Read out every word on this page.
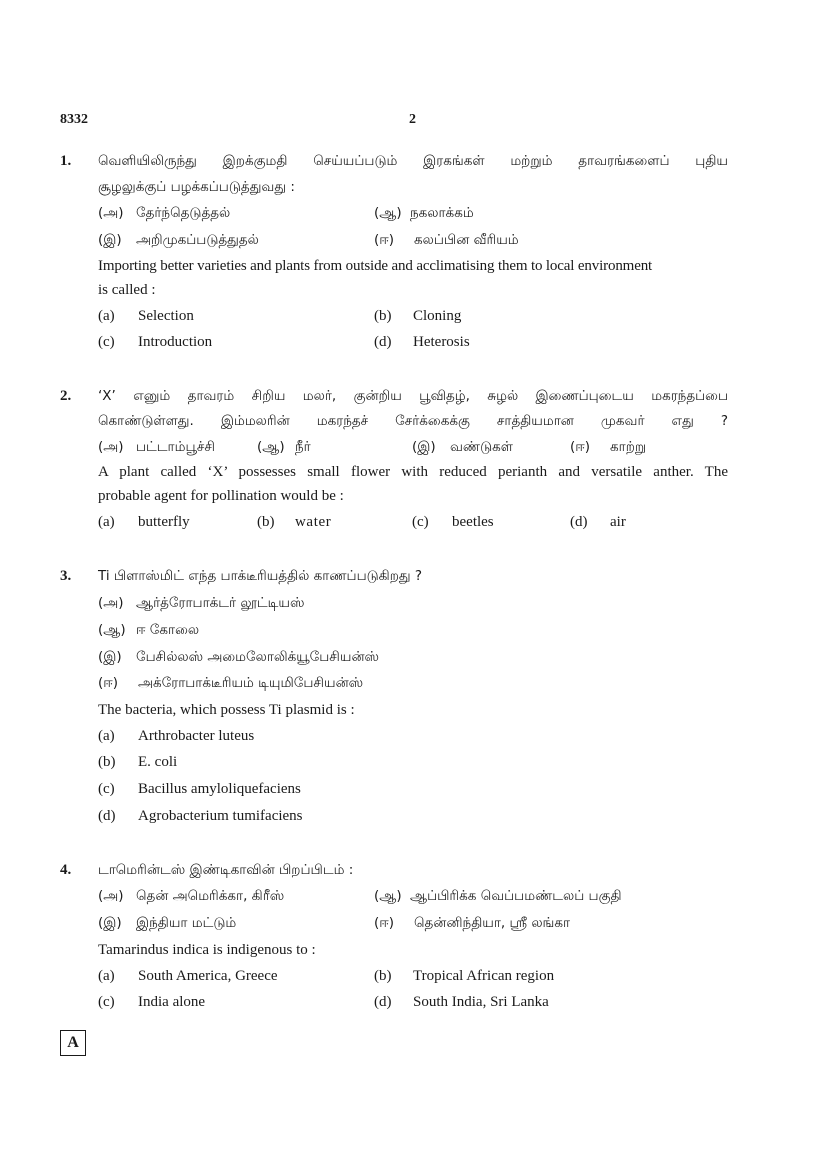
8332	2
1. வெளியிலிருந்து இறக்குமதி செய்யப்படும் இரகங்கள் மற்றும் தாவரங்களைப் புதிய
சூழலுக்குப் பழக்கப்படுத்துவது :
(அ) தேர்ந்தெடுத்தல்	(ஆ) நகலாக்கம்
(இ) அறிமுகப்படுத்துதல்	(ஈ) கலப்பின வீரியம்
Importing better varieties and plants from outside and acclimatising them to local environment
is called :
(a) Selection	(b) Cloning
(c) Introduction	(d) Heterosis
2. ‘X’ எனும் தாவரம் சிறிய மலர், குன்றிய பூவிதழ், சுழல் இணைப்புடைய மகரந்தப்பை
கொண்டுள்ளது. இம்மலரின் மகரந்தச் சேர்க்கைக்கு சாத்தியமான முகவர் எது ?
(அ) பட்டாம்பூச்சி	(ஆ) நீர்	(இ) வண்டுகள்	(ஈ) காற்று
A plant called ‘X’ possesses small flower with reduced perianth and versatile anther. The
probable agent for pollination would be :
(a) butterfly	(b) water	(c) beetles	(d) air
3. Ti பிளாஸ்மிட் எந்த பாக்டீரியத்தில் காணப்படுகிறது ?
(அ) ஆர்த்ரோபாக்டர் லூட்டியஸ்
(ஆ) ஈ கோலை
(இ) பேசில்லஸ் அமைலோலிக்யூபேசியன்ஸ்
(ஈ) அக்ரோபாக்டீரியம் டியுமிபேசியன்ஸ்
The bacteria, which possess Ti plasmid is :
(a) Arthrobacter luteus
(b) E. coli
(c) Bacillus amyloliquefaciens
(d) Agrobacterium tumifaciens
4. டாமெரின்டஸ் இண்டிகாவின் பிறப்பிடம் :
(அ) தென் அமெரிக்கா, கிரீஸ்	(ஆ) ஆப்பிரிக்க வெப்பமண்டலப் பகுதி
(இ) இந்தியா மட்டும்	(ஈ) தென்னிந்தியா, ஸ்ரீ லங்கா
Tamarindus indica is indigenous to :
(a) South America, Greece	(b) Tropical African region
(c) India alone	(d) South India, Sri Lanka
A
